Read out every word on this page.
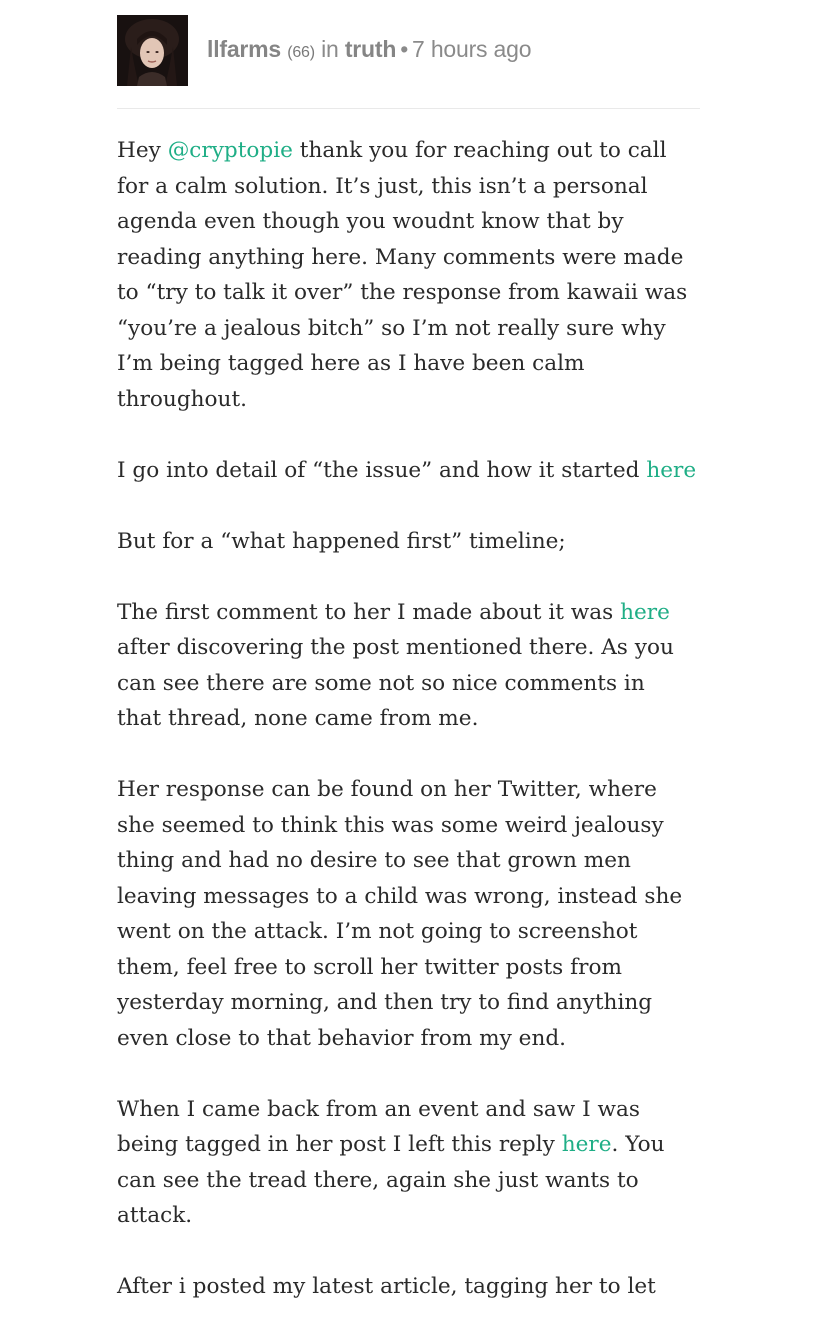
llfarms (66) in truth • 7 hours ago

Hey @cryptopie thank you for reaching out to call
for a calm solution. It’s just, this isn’t a personal
agenda even though you woudnt know that by
reading anything here. Many comments were made
to “try to talk it over” the response from kawaii was
“you’re a jealous bitch” so I’m not really sure why
I’m being tagged here as I have been calm
throughout.

I go into detail of “the issue” and how it started here

But for a “what happened first” timeline;

The first comment to her I made about it was here
after discovering the post mentioned there. As you
can see there are some not so nice comments in
that thread, none came from me.

Her response can be found on her Twitter, where
she seemed to think this was some weird jealousy
thing and had no desire to see that grown men
leaving messages to a child was wrong, instead she
went on the attack. I’m not going to screenshot
them, feel free to scroll her twitter posts from
yesterday morning, and then try to find anything
even close to that behavior from my end.

When I came back from an event and saw I was
being tagged in her post I left this reply here. You
can see the tread there, again she just wants to
attack.

After i posted my latest article, tagging her to let
